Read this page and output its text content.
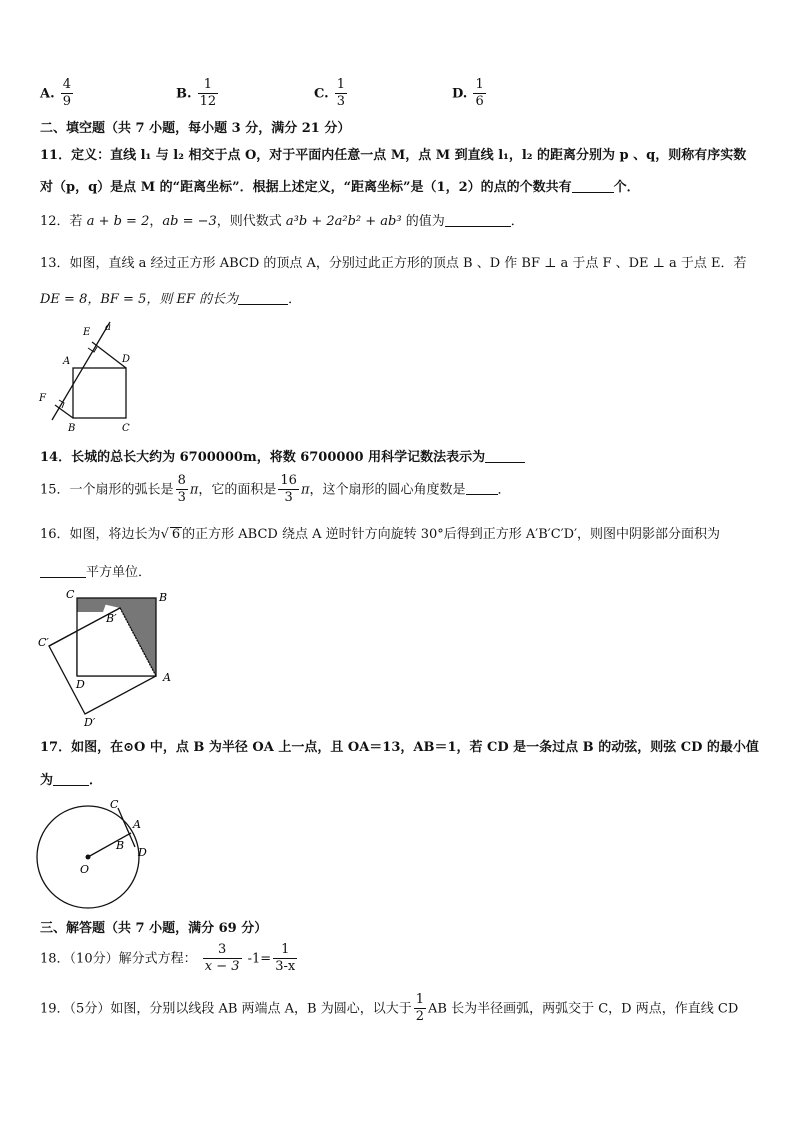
A. $\frac{4}{9}$	B. $\frac{1}{12}$	C. $\frac{1}{3}$	D. $\frac{1}{6}$
二、填空题（共 7 小题，每小题 3 分，满分 21 分）
11．定义：直线 l₁ 与 l₂ 相交于点 O，对于平面内任意一点 M，点 M 到直线 l₁，l₂ 的距离分别为 p 、q，则称有序实数
对（p，q）是点 M 的“距离坐标”．根据上述定义，“距离坐标”是（1，2）的点的个数共有	个．
12．若 a + b = 2，ab = −3，则代数式 a³b + 2a²b² + ab³ 的值为	．
13．如图，直线 a 经过正方形 ABCD 的顶点 A，分别过此正方形的顶点 B 、D 作 BF ⊥ a 于点 F 、DE ⊥ a 于点 E．若
DE = 8，BF = 5，则 EF 的长为	．
E a
A	D
F
B	C
14．长城的总长大约为 6700000m，将数 6700000 用科学记数法表示为
15．一个扇形的弧长是 $\frac{8}{3}$ π，它的面积是 $\frac{16}{3}$ π，这个扇形的圆心角度数是 ．
16．如图，将边长为√ 6 的正方形 ABCD 绕点 A 逆时针方向旋转 30°后得到正方形 A′B′C′D′，则图中阴影部分面积为
平方单位．
C	B
B′
C′
D
A
D′
17．如图，在⊙O 中，点 B 为半径 OA 上一点，且 OA＝13，AB＝1，若 CD 是一条过点 B 的动弦，则弦 CD 的最小值
为	．
C
A
B
D
O
三、解答题（共 7 小题，满分 69 分）
18．（10分）解分式方程： $\frac{3}{x - 3} -1= \frac{1}{3-x}$
19．（5分）如图，分别以线段 AB 两端点 A，B 为圆心，以大于 $\frac{1}{2}$ AB 长为半径画弧，两弧交于 C，D 两点，作直线 CD
